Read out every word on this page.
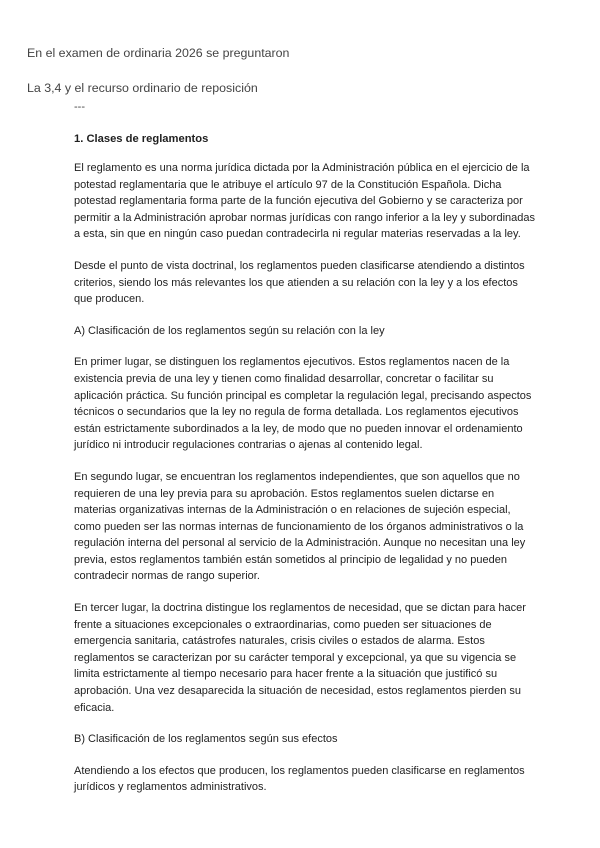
En el examen de ordinaria 2026 se preguntaron

La 3,4 y el recurso ordinario de reposición

---

1. Clases de reglamentos

El reglamento es una norma jurídica dictada por la Administración pública en el ejercicio de la potestad reglamentaria que le atribuye el artículo 97 de la Constitución Española. Dicha potestad reglamentaria forma parte de la función ejecutiva del Gobierno y se caracteriza por permitir a la Administración aprobar normas jurídicas con rango inferior a la ley y subordinadas a esta, sin que en ningún caso puedan contradecirla ni regular materias reservadas a la ley.

Desde el punto de vista doctrinal, los reglamentos pueden clasificarse atendiendo a distintos criterios, siendo los más relevantes los que atienden a su relación con la ley y a los efectos que producen.

A) Clasificación de los reglamentos según su relación con la ley

En primer lugar, se distinguen los reglamentos ejecutivos. Estos reglamentos nacen de la existencia previa de una ley y tienen como finalidad desarrollar, concretar o facilitar su aplicación práctica. Su función principal es completar la regulación legal, precisando aspectos técnicos o secundarios que la ley no regula de forma detallada. Los reglamentos ejecutivos están estrictamente subordinados a la ley, de modo que no pueden innovar el ordenamiento jurídico ni introducir regulaciones contrarias o ajenas al contenido legal.

En segundo lugar, se encuentran los reglamentos independientes, que son aquellos que no requieren de una ley previa para su aprobación. Estos reglamentos suelen dictarse en materias organizativas internas de la Administración o en relaciones de sujeción especial, como pueden ser las normas internas de funcionamiento de los órganos administrativos o la regulación interna del personal al servicio de la Administración. Aunque no necesitan una ley previa, estos reglamentos también están sometidos al principio de legalidad y no pueden contradecir normas de rango superior.

En tercer lugar, la doctrina distingue los reglamentos de necesidad, que se dictan para hacer frente a situaciones excepcionales o extraordinarias, como pueden ser situaciones de emergencia sanitaria, catástrofes naturales, crisis civiles o estados de alarma. Estos reglamentos se caracterizan por su carácter temporal y excepcional, ya que su vigencia se limita estrictamente al tiempo necesario para hacer frente a la situación que justificó su aprobación. Una vez desaparecida la situación de necesidad, estos reglamentos pierden su eficacia.

B) Clasificación de los reglamentos según sus efectos

Atendiendo a los efectos que producen, los reglamentos pueden clasificarse en reglamentos jurídicos y reglamentos administrativos.
